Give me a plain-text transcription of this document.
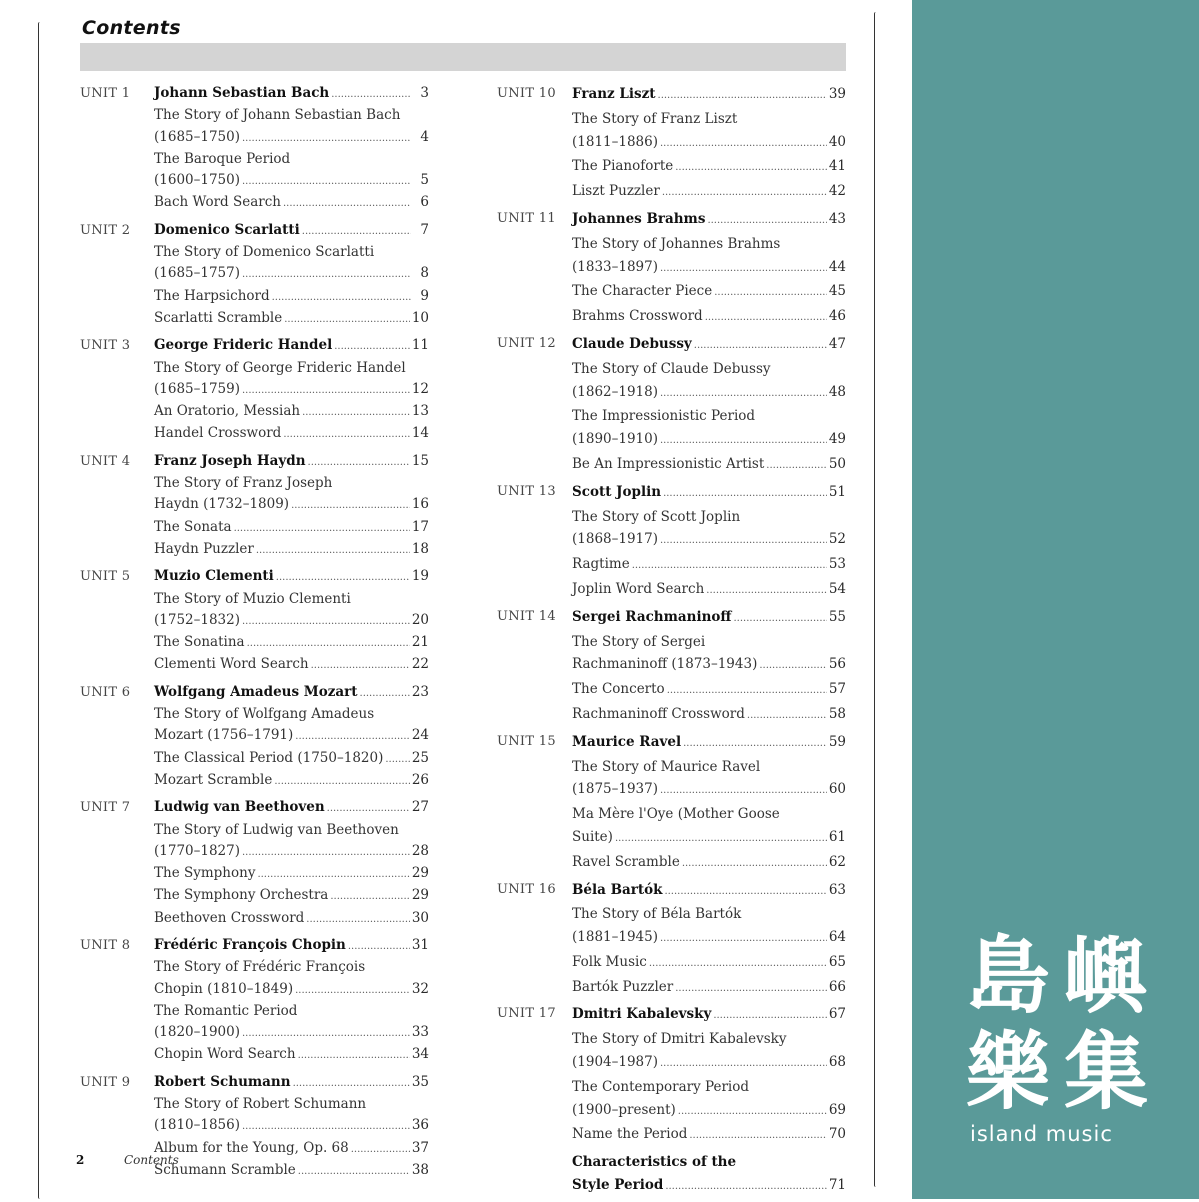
Contents
UNIT 1 Johann Sebastian Bach .....	3
The Story of Johann Sebastian Bach
(1685–1750) .....	4
The Baroque Period
(1600–1750) .....	5
Bach Word Search .....	6
UNIT 2 Domenico Scarlatti .....	7
The Story of Domenico Scarlatti
(1685–1757) .....	8
The Harpsichord .....	9
Scarlatti Scramble .....	10
UNIT 3 George Frideric Handel .....	11
The Story of George Frideric Handel
(1685–1759) .....	12
An Oratorio, Messiah .....	13
Handel Crossword .....	14
UNIT 4 Franz Joseph Haydn .....	15
The Story of Franz Joseph
Haydn (1732–1809) .....	16
The Sonata .....	17
Haydn Puzzler .....	18
UNIT 5 Muzio Clementi .....	19
The Story of Muzio Clementi
(1752–1832) .....	20
The Sonatina .....	21
Clementi Word Search .....	22
UNIT 6 Wolfgang Amadeus Mozart .....	23
The Story of Wolfgang Amadeus
Mozart (1756–1791) .....	24
The Classical Period (1750–1820) ..... 25
Mozart Scramble .....	26
UNIT 7 Ludwig van Beethoven .....	27
The Story of Ludwig van Beethoven
(1770–1827) .....	28
The Symphony .....	29
The Symphony Orchestra .....	29
Beethoven Crossword .....	30
UNIT 8 Frédéric François Chopin .....	31
The Story of Frédéric François
Chopin (1810–1849) .....	32
The Romantic Period
(1820–1900) .....	33
Chopin Word Search .....	34
UNIT 9 Robert Schumann .....	35
The Story of Robert Schumann
(1810–1856) .....	36
Album for the Young, Op. 68 .....	37
Schumann Scramble .....	38
UNIT 10 Franz Liszt .....	39
The Story of Franz Liszt
(1811–1886) .....	40
The Pianoforte .....	41
Liszt Puzzler .....	42
UNIT 11 Johannes Brahms .....	43
The Story of Johannes Brahms
(1833–1897) .....	44
The Character Piece .....	45
Brahms Crossword .....	46
UNIT 12 Claude Debussy .....	47
The Story of Claude Debussy
(1862–1918) .....	48
The Impressionistic Period
(1890–1910) .....	49
Be An Impressionistic Artist .....	50
UNIT 13 Scott Joplin .....	51
The Story of Scott Joplin
(1868–1917) .....	52
Ragtime .....	53
Joplin Word Search .....	54
UNIT 14 Sergei Rachmaninoff .....	55
The Story of Sergei
Rachmaninoff (1873–1943) .....	56
The Concerto .....	57
Rachmaninoff Crossword .....	58
UNIT 15 Maurice Ravel .....	59
The Story of Maurice Ravel
(1875–1937) .....	60
Ma Mère l'Oye (Mother Goose
Suite) .....	61
Ravel Scramble .....	62
UNIT 16 Béla Bartók .....	63
The Story of Béla Bartók
(1881–1945) .....	64
Folk Music .....	65
Bartók Puzzler .....	66
UNIT 17 Dmitri Kabalevsky .....	67
The Story of Dmitri Kabalevsky
(1904–1987) .....	68
The Contemporary Period
(1900–present) .....	69
Name the Period .....	70
Characteristics of the
Style Period .....	71
2	Contents
島嶼
樂集
island music
